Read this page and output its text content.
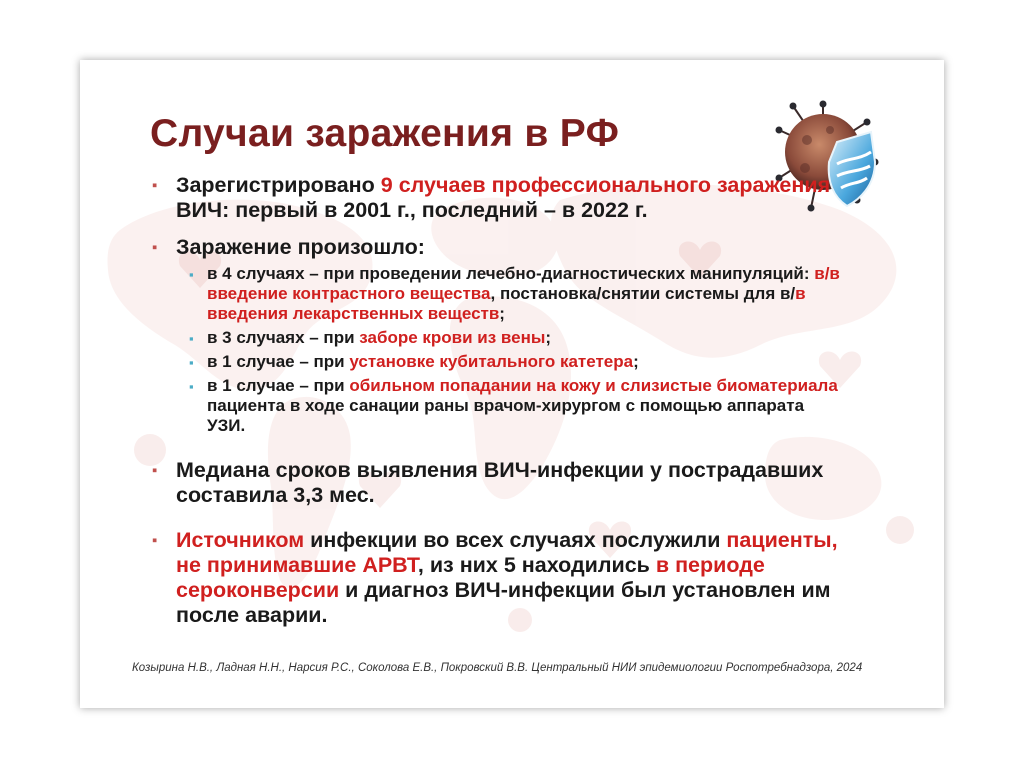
Случаи заражения в РФ
▪ Зарегистрировано 9 случаев профессионального заражения ВИЧ: первый в 2001 г., последний – в 2022 г.
▪ Заражение произошло:
▪ в 4 случаях – при проведении лечебно-диагностических манипуляций: в/в введение контрастного вещества, постановка/снятии системы для в/в введения лекарственных веществ;
▪ в 3 случаях – при заборе крови из вены;
▪ в 1 случае – при установке кубитального катетера;
▪ в 1 случае – при обильном попадании на кожу и слизистые биоматериала пациента в ходе санации раны врачом-хирургом с помощью аппарата УЗИ.
▪ Медиана сроков выявления ВИЧ-инфекции у пострадавших составила 3,3 мес.
▪ Источником инфекции во всех случаях послужили пациенты, не принимавшие АРВТ, из них 5 находились в периоде сероконверсии и диагноз ВИЧ-инфекции был установлен им после аварии.
Козырина Н.В., Ладная Н.Н., Нарсия Р.С., Соколова Е.В., Покровский В.В. Центральный НИИ эпидемиологии Роспотребнадзора, 2024
